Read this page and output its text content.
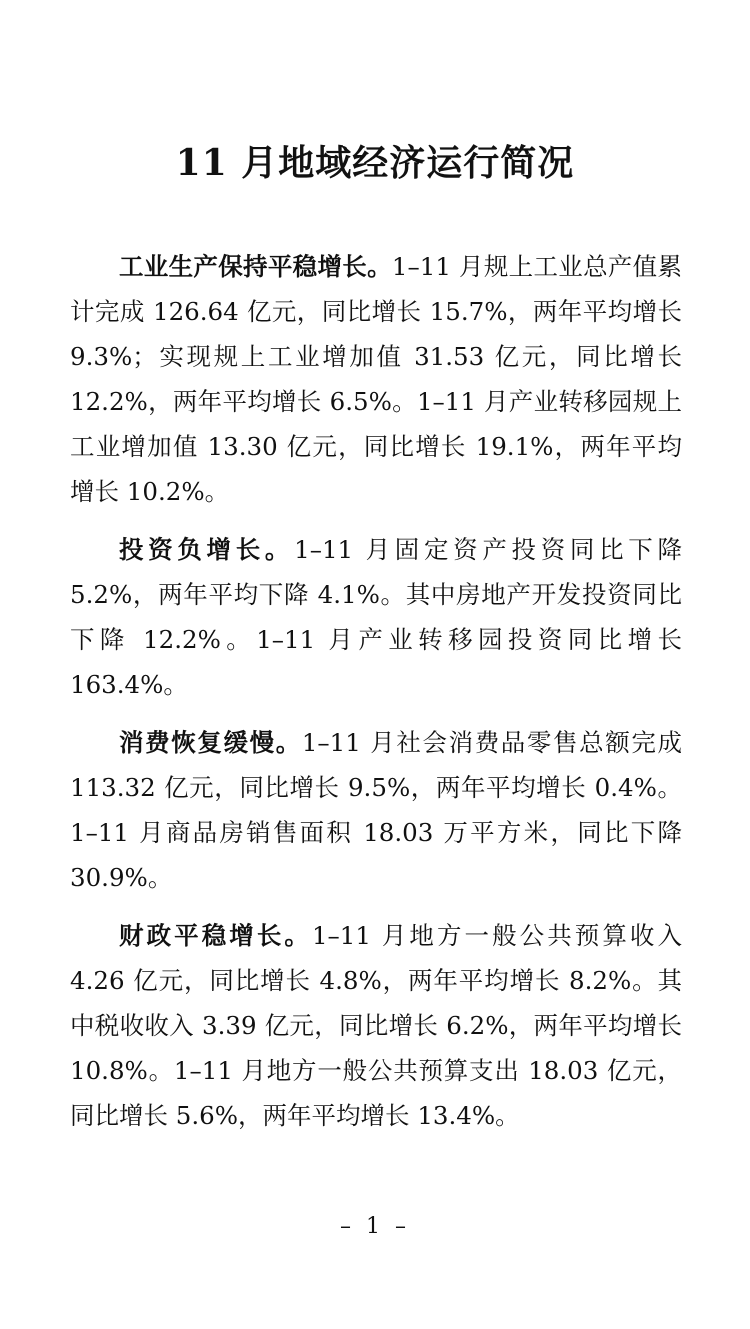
11 月地域经济运行简况

工业生产保持平稳增长。1–11 月规上工业总产值累计完成 126.64 亿元，同比增长 15.7%，两年平均增长 9.3%；实现规上工业增加值 31.53 亿元，同比增长 12.2%，两年平均增长 6.5%。1–11 月产业转移园规上工业增加值 13.30 亿元，同比增长 19.1%，两年平均增长 10.2%。

投资负增长。1–11 月固定资产投资同比下降 5.2%，两年平均下降 4.1%。其中房地产开发投资同比下降 12.2%。1–11 月产业转移园投资同比增长 163.4%。

消费恢复缓慢。1–11 月社会消费品零售总额完成 113.32 亿元，同比增长 9.5%，两年平均增长 0.4%。1–11 月商品房销售面积 18.03 万平方米，同比下降 30.9%。

财政平稳增长。1–11 月地方一般公共预算收入 4.26 亿元，同比增长 4.8%，两年平均增长 8.2%。其中税收收入 3.39 亿元，同比增长 6.2%，两年平均增长 10.8%。1–11 月地方一般公共预算支出 18.03 亿元，同比增长 5.6%，两年平均增长 13.4%。

– 1 –
